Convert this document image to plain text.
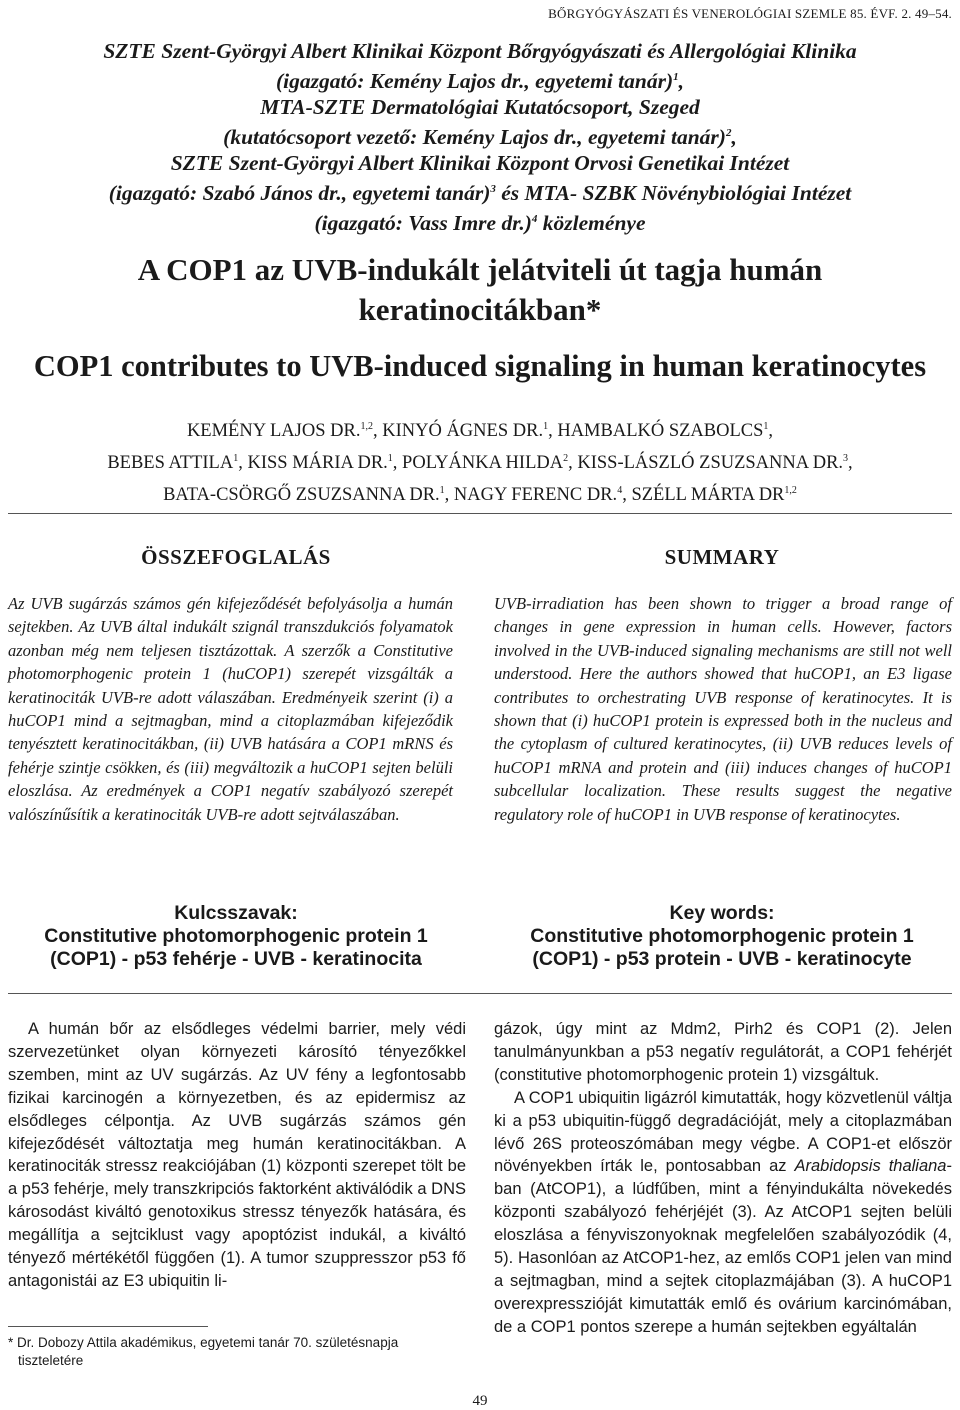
BŐRGYÓGYÁSZATI ÉS VENEROLÓGIAI SZEMLE 85. ÉVF. 2. 49–54.
SZTE Szent-Györgyi Albert Klinikai Központ Bőrgyógyászati és Allergológiai Klinika
(igazgató: Kemény Lajos dr., egyetemi tanár)$^1$,
MTA-SZTE Dermatológiai Kutatócsoport, Szeged
(kutatócsoport vezető: Kemény Lajos dr., egyetemi tanár)$^2$,
SZTE Szent-Györgyi Albert Klinikai Központ Orvosi Genetikai Intézet
(igazgató: Szabó János dr., egyetemi tanár)$^3$ és MTA- SZBK Növénybiológiai Intézet
(igazgató: Vass Imre dr.)$^4$ közleménye
A COP1 az UVB-indukált jelátviteli út tagja humán
keratinocitákban*
COP1 contributes to UVB-induced signaling in human keratinocytes
KEMÉNY LAJOS DR.$^{1,2}$, KINYÓ ÁGNES DR.$^1$, HAMBALKÓ SZABOLCS$^1$,
BEBES ATTILA$^1$, KISS MÁRIA DR.$^1$, POLYÁNKA HILDA$^2$, KISS-LÁSZLÓ ZSUZSANNA DR.$^3$,
BATA-CSÖRGŐ ZSUZSANNA DR.$^1$, NAGY FERENC DR.$^4$, SZÉLL MÁRTA DR$^{1,2}$
ÖSSZEFOGLALÁS	SUMMARY
Az UVB sugárzás számos gén kifejeződését befolyásolja a humán sejtekben. Az UVB által indukált szignál transzdukciós folyamatok azonban még nem teljesen tisztázottak. A szerzők a Constitutive photomorphogenic protein 1 (huCOP1) szerepét vizsgálták a keratinociták UVB-re adott válaszában. Eredményeik szerint (i) a huCOP1 mind a sejtmagban, mind a citoplazmában kifejeződik tenyésztett keratinocitákban, (ii) UVB hatására a COP1 mRNS és fehérje szintje csökken, és (iii) megváltozik a huCOP1 sejten belüli eloszlása. Az eredmények a COP1 negatív szabályozó szerepét valószínűsítik a keratinociták UVB-re adott sejtválaszában.
UVB-irradiation has been shown to trigger a broad range of changes in gene expression in human cells. However, factors involved in the UVB-induced signaling mechanisms are still not well understood. Here the authors showed that huCOP1, an E3 ligase contributes to orchestrating UVB response of keratinocytes. It is shown that (i) huCOP1 protein is expressed both in the nucleus and the cytoplasm of cultured keratinocytes, (ii) UVB reduces levels of huCOP1 mRNA and protein and (iii) induces changes of huCOP1 subcellular localization. These results suggest the negative regulatory role of huCOP1 in UVB response of keratinocytes.
Kulcsszavak:
Constitutive photomorphogenic protein 1
(COP1) - p53 fehérje - UVB - keratinocita
Key words:
Constitutive photomorphogenic protein 1
(COP1) - p53 protein - UVB - keratinocyte

A humán bőr az elsődleges védelmi barrier, mely védi szervezetünket olyan környezeti károsító tényezőkkel szemben, mint az UV sugárzás. Az UV fény a legfontosabb fizikai karcinogén a környezetben, és az epidermisz az elsődleges célpontja. Az UVB sugárzás számos gén kifejeződését változtatja meg humán keratinocitákban. A keratinociták stressz reakciójában (1) központi szerepet tölt be a p53 fehérje, mely transzkripciós faktorként aktiválódik a DNS károsodást kiváltó genotoxikus stressz tényezők hatására, és megállítja a sejtciklust vagy apoptózist indukál, a kiváltó tényező mértékétől függően (1). A tumor szuppresszor p53 fő antagonistái az E3 ubiquitin li-

gázok, úgy mint az Mdm2, Pirh2 és COP1 (2). Jelen tanulmányunkban a p53 negatív regulátorát, a COP1 fehérjét (constitutive photomorphogenic protein 1) vizsgáltuk.

A COP1 ubiquitin ligázról kimutatták, hogy közvetlenül váltja ki a p53 ubiquitin-függő degradációját, mely a citoplazmában lévő 26S proteoszómában megy végbe. A COP1-et először növényekben írták le, pontosabban az Arabidopsis thaliana-ban (AtCOP1), a lúdfűben, mint a fényindukálta növekedés központi szabályozó fehérjéjét (3). Az AtCOP1 sejten belüli eloszlása a fényviszonyoknak megfelelően szabályozódik (4, 5). Hasonlóan az AtCOP1-hez, az emlős COP1 jelen van mind a sejtmagban, mind a sejtek citoplazmájában (3). A huCOP1 overexpresszióját kimutatták emlő és ovárium karcinómában, de a COP1 pontos szerepe a humán sejtekben egyáltalán

* Dr. Dobozy Attila akadémikus, egyetemi tanár 70. születésnapja
tiszteletére
49
